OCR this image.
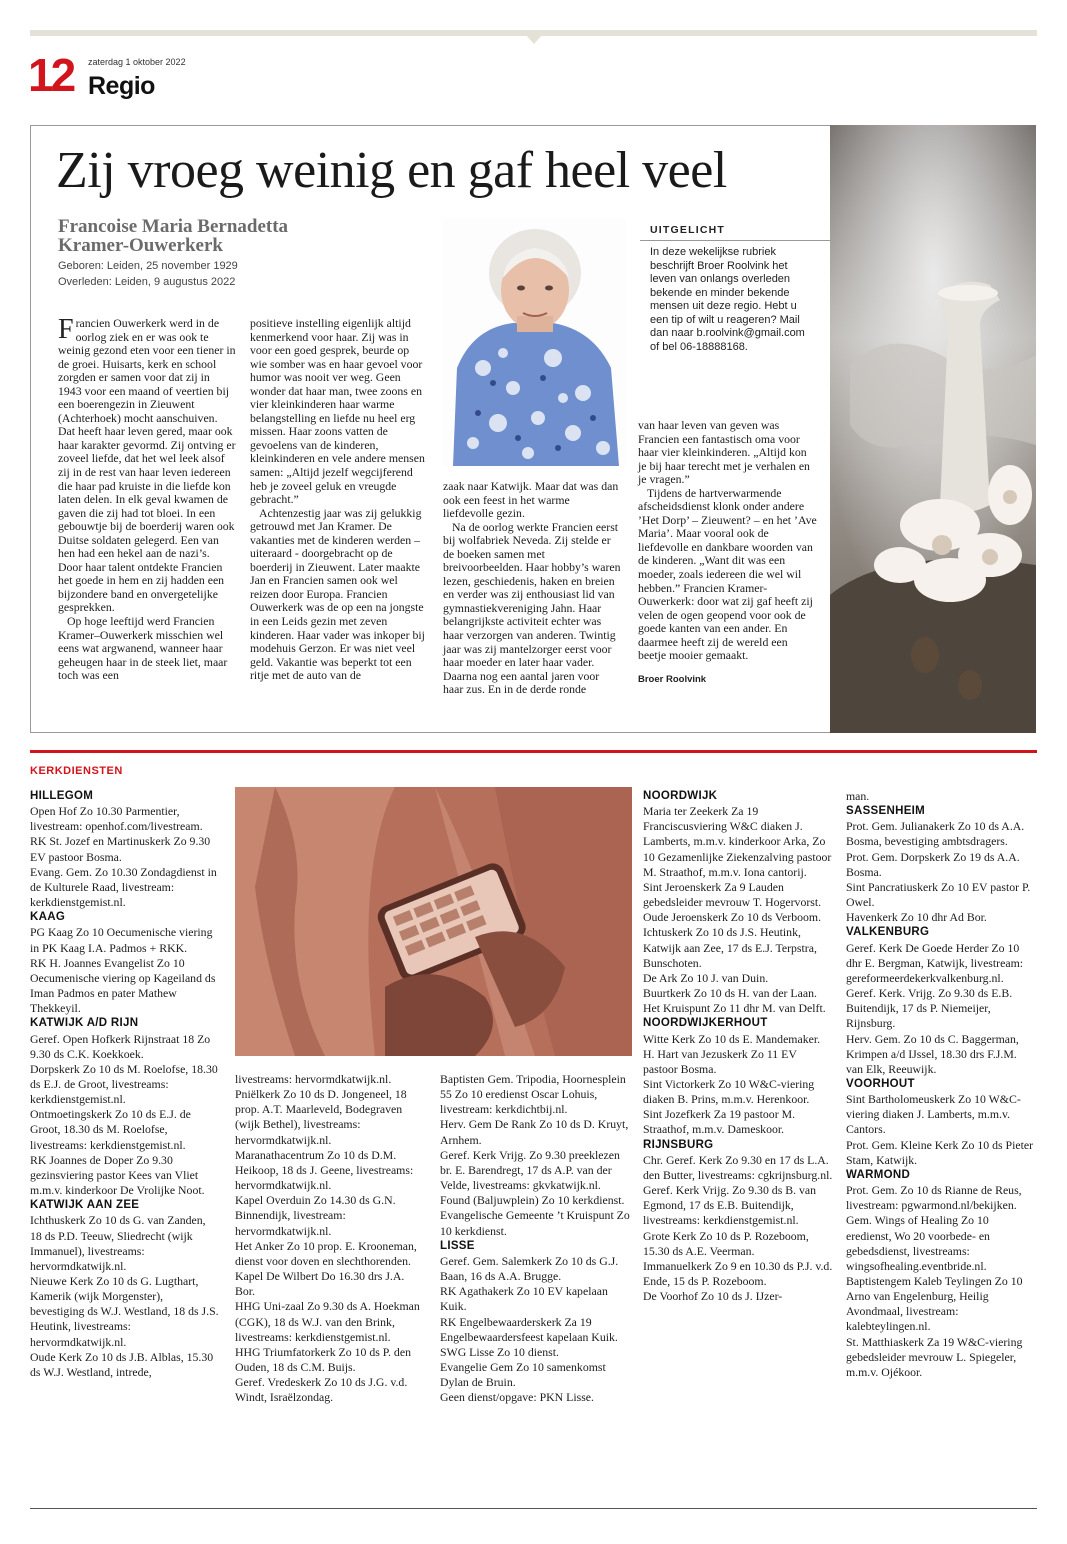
12 zaterdag 1 oktober 2022
Regio
Zij vroeg weinig en gaf heel veel
Francoise Maria Bernadetta
Kramer-Ouwerkerk
Geboren: Leiden, 25 november 1929
Overleden: Leiden, 9 augustus 2022

Francien Ouwerkerk werd in de oorlog ziek en er was ook te weinig gezond eten voor een tiener in de groei. Huisarts, kerk en school zorgden er samen voor dat zij in 1943 voor een maand of veertien bij een boerengezin in Zieuwent (Achterhoek) mocht aanschuiven. Dat heeft haar leven gered, maar ook haar karakter gevormd. Zij ontving er zoveel liefde, dat het wel leek alsof zij in de rest van haar leven iedereen die haar pad kruiste in die liefde kon laten delen. In elk geval kwamen de gaven die zij had tot bloei. In een gebouwtje bij de boerderij waren ook Duitse soldaten gelegerd. Een van hen had een hekel aan de nazi’s. Door haar talent ontdekte Francien het goede in hem en zij hadden een bijzondere band en onvergetelijke gesprekken.

Op hoge leeftijd werd Francien Kramer–Ouwerkerk misschien wel eens wat argwanend, wanneer haar geheugen haar in de steek liet, maar toch was een

positieve instelling eigenlijk altijd kenmerkend voor haar. Zij was in voor een goed gesprek, beurde op wie somber was en haar gevoel voor humor was nooit ver weg. Geen wonder dat haar man, twee zoons en vier kleinkinderen haar warme belangstelling en liefde nu heel erg missen. Haar zoons vatten de gevoelens van de kinderen, kleinkinderen en vele andere mensen samen: „Altijd jezelf wegcijferend heb je zoveel geluk en vreugde gebracht.”

Achtenzestig jaar was zij gelukkig getrouwd met Jan Kramer. De vakanties met de kinderen werden – uiteraard - doorgebracht op de boerderij in Zieuwent. Later maakte Jan en Francien samen ook wel reizen door Europa. Francien Ouwerkerk was de op een na jongste in een Leids gezin met zeven kinderen. Haar vader was inkoper bij modehuis Gerzon. Er was niet veel geld. Vakantie was beperkt tot een ritje met de auto van de

zaak naar Katwijk. Maar dat was dan ook een feest in het warme liefdevolle gezin.

Na de oorlog werkte Francien eerst bij wolfabriek Neveda. Zij stelde er de boeken samen met breivoorbeelden. Haar hobby’s waren lezen, geschiedenis, haken en breien en verder was zij enthousiast lid van gymnastiekvereniging Jahn. Haar belangrijkste activiteit echter was haar verzorgen van anderen. Twintig jaar was zij mantelzorger eerst voor haar moeder en later haar vader. Daarna nog een aantal jaren voor haar zus. En in de derde ronde

van haar leven van geven was Francien een fantastisch oma voor haar vier kleinkinderen. „Altijd kon je bij haar terecht met je verhalen en je vragen.”

Tijdens de hartverwarmende afscheidsdienst klonk onder andere ’Het Dorp’ – Zieuwent? – en het ’Ave Maria’. Maar vooral ook de liefdevolle en dankbare woorden van de kinderen. „Want dit was een moeder, zoals iedereen die wel wil hebben.” Francien Kramer-Ouwerkerk: door wat zij gaf heeft zij velen de ogen geopend voor ook de goede kanten van een ander. En daarmee heeft zij de wereld een beetje mooier gemaakt.

Broer Roolvink

UITGELICHT
In deze wekelijkse rubriek beschrijft Broer Roolvink het leven van onlangs overleden bekende en minder bekende mensen uit deze regio. Hebt u een tip of wilt u reageren? Mail dan naar b.roolvink@gmail.com of bel 06-18888168.
KERKDIENSTEN
HILLEGOM
Open Hof Zo 10.30 Parmentier, livestream: openhof.com/livestream.
RK St. Jozef en Martinuskerk Zo 9.30 EV pastoor Bosma.
Evang. Gem. Zo 10.30 Zondagdienst in de Kulturele Raad, livestream: kerkdienstgemist.nl.
KAAG
PG Kaag Zo 10 Oecumenische viering in PK Kaag I.A. Padmos + RKK.
RK H. Joannes Evangelist Zo 10 Oecumenische viering op Kageiland ds Iman Padmos en pater Mathew Thekkeyil.
KATWIJK A/D RIJN
Geref. Open Hofkerk Rijnstraat 18 Zo 9.30 ds C.K. Koekkoek.
Dorpskerk Zo 10 ds M. Roelofse, 18.30 ds E.J. de Groot, livestreams: kerkdienstgemist.nl.
Ontmoetingskerk Zo 10 ds E.J. de Groot, 18.30 ds M. Roelofse, livestreams: kerkdienstgemist.nl.
RK Joannes de Doper Zo 9.30 gezinsviering pastor Kees van Vliet m.m.v. kinderkoor De Vrolijke Noot.
KATWIJK AAN ZEE
Ichthuskerk Zo 10 ds G. van Zanden, 18 ds P.D. Teeuw, Sliedrecht (wijk Immanuel), livestreams: hervormdkatwijk.nl.
Nieuwe Kerk Zo 10 ds G. Lugthart, Kamerik (wijk Morgenster), bevestiging ds W.J. Westland, 18 ds J.S. Heutink, livestreams: hervormdkatwijk.nl.
Oude Kerk Zo 10 ds J.B. Alblas, 15.30 ds W.J. Westland, intrede,
livestreams: hervormdkatwijk.nl.
Pniëlkerk Zo 10 ds D. Jongeneel, 18 prop. A.T. Maarleveld, Bodegraven (wijk Bethel), livestreams: hervormdkatwijk.nl.
Maranathacentrum Zo 10 ds D.M. Heikoop, 18 ds J. Geene, livestreams: hervormdkatwijk.nl.
Kapel Overduin Zo 14.30 ds G.N. Binnendijk, livestream: hervormdkatwijk.nl.
Het Anker Zo 10 prop. E. Krooneman, dienst voor doven en slechthorenden.
Kapel De Wilbert Do 16.30 drs J.A. Bor.
HHG Uni-zaal Zo 9.30 ds A. Hoekman (CGK), 18 ds W.J. van den Brink, livestreams: kerkdienstgemist.nl.
HHG Triumfatorkerk Zo 10 ds P. den Ouden, 18 ds C.M. Buijs.
Geref. Vredeskerk Zo 10 ds J.G. v.d. Windt, Israëlzondag.
Baptisten Gem. Tripodia, Hoornesplein 55 Zo 10 eredienst Oscar Lohuis, livestream: kerkdichtbij.nl.
Herv. Gem De Rank Zo 10 ds D. Kruyt, Arnhem.
Geref. Kerk Vrijg. Zo 9.30 preeklezen br. E. Barendregt, 17 ds A.P. van der Velde, livestreams: gkvkatwijk.nl.
Found (Baljuwplein) Zo 10 kerkdienst.
Evangelische Gemeente ’t Kruispunt Zo 10 kerkdienst.
LISSE
Geref. Gem. Salemkerk Zo 10 ds G.J. Baan, 16 ds A.A. Brugge.
RK Agathakerk Zo 10 EV kapelaan Kuik.
RK Engelbewaarderskerk Za 19 Engelbewaardersfeest kapelaan Kuik.
SWG Lisse Zo 10 dienst.
Evangelie Gem Zo 10 samenkomst Dylan de Bruin.
Geen dienst/opgave: PKN Lisse.
NOORDWIJK
Maria ter Zeekerk Za 19 Franciscusviering W&C diaken J. Lamberts, m.m.v. kinderkoor Arka, Zo 10 Gezamenlijke Ziekenzalving pastoor M. Straathof, m.m.v. Iona cantorij.
Sint Jeroenskerk Za 9 Lauden gebedsleider mevrouw T. Hogervorst.
Oude Jeroenskerk Zo 10 ds Verboom.
Ichtuskerk Zo 10 ds J.S. Heutink, Katwijk aan Zee, 17 ds E.J. Terpstra, Bunschoten.
De Ark Zo 10 J. van Duin.
Buurtkerk Zo 10 ds H. van der Laan.
Het Kruispunt Zo 11 dhr M. van Delft.
NOORDWIJKERHOUT
Witte Kerk Zo 10 ds E. Mandemaker.
H. Hart van Jezuskerk Zo 11 EV pastoor Bosma.
Sint Victorkerk Zo 10 W&C-viering diaken B. Prins, m.m.v. Herenkoor.
Sint Jozefkerk Za 19 pastoor M. Straathof, m.m.v. Dameskoor.
RIJNSBURG
Chr. Geref. Kerk Zo 9.30 en 17 ds L.A. den Butter, livestreams: cgkrijnsburg.nl.
Geref. Kerk Vrijg. Zo 9.30 ds B. van Egmond, 17 ds E.B. Buitendijk, livestreams: kerkdienstgemist.nl.
Grote Kerk Zo 10 ds P. Rozeboom, 15.30 ds A.E. Veerman.
Immanuelkerk Zo 9 en 10.30 ds P.J. v.d. Ende, 15 ds P. Rozeboom.
De Voorhof Zo 10 ds J. IJzer-
man.
SASSENHEIM
Prot. Gem. Julianakerk Zo 10 ds A.A. Bosma, bevestiging ambtsdragers.
Prot. Gem. Dorpskerk Zo 19 ds A.A. Bosma.
Sint Pancratiuskerk Zo 10 EV pastor P. Owel.
Havenkerk Zo 10 dhr Ad Bor.
VALKENBURG
Geref. Kerk De Goede Herder Zo 10 dhr E. Bergman, Katwijk, livestream: gereformeerdekerkvalkenburg.nl.
Geref. Kerk. Vrijg. Zo 9.30 ds E.B. Buitendijk, 17 ds P. Niemeijer, Rijnsburg.
Herv. Gem. Zo 10 ds C. Baggerman, Krimpen a/d IJssel, 18.30 drs F.J.M. van Elk, Reeuwijk.
VOORHOUT
Sint Bartholomeuskerk Zo 10 W&C-viering diaken J. Lamberts, m.m.v. Cantors.
Prot. Gem. Kleine Kerk Zo 10 ds Pieter Stam, Katwijk.
WARMOND
Prot. Gem. Zo 10 ds Rianne de Reus, livestream: pgwarmond.nl/bekijken.
Gem. Wings of Healing Zo 10 eredienst, Wo 20 voorbede- en gebedsdienst, livestreams: wingsofhealing.eventbride.nl.
Baptistengem Kaleb Teylingen Zo 10 Arno van Engelenburg, Heilig Avondmaal, livestream: kalebteylingen.nl.
St. Matthiaskerk Za 19 W&C-viering gebedsleider mevrouw L. Spiegeler, m.m.v. Ojékoor.
